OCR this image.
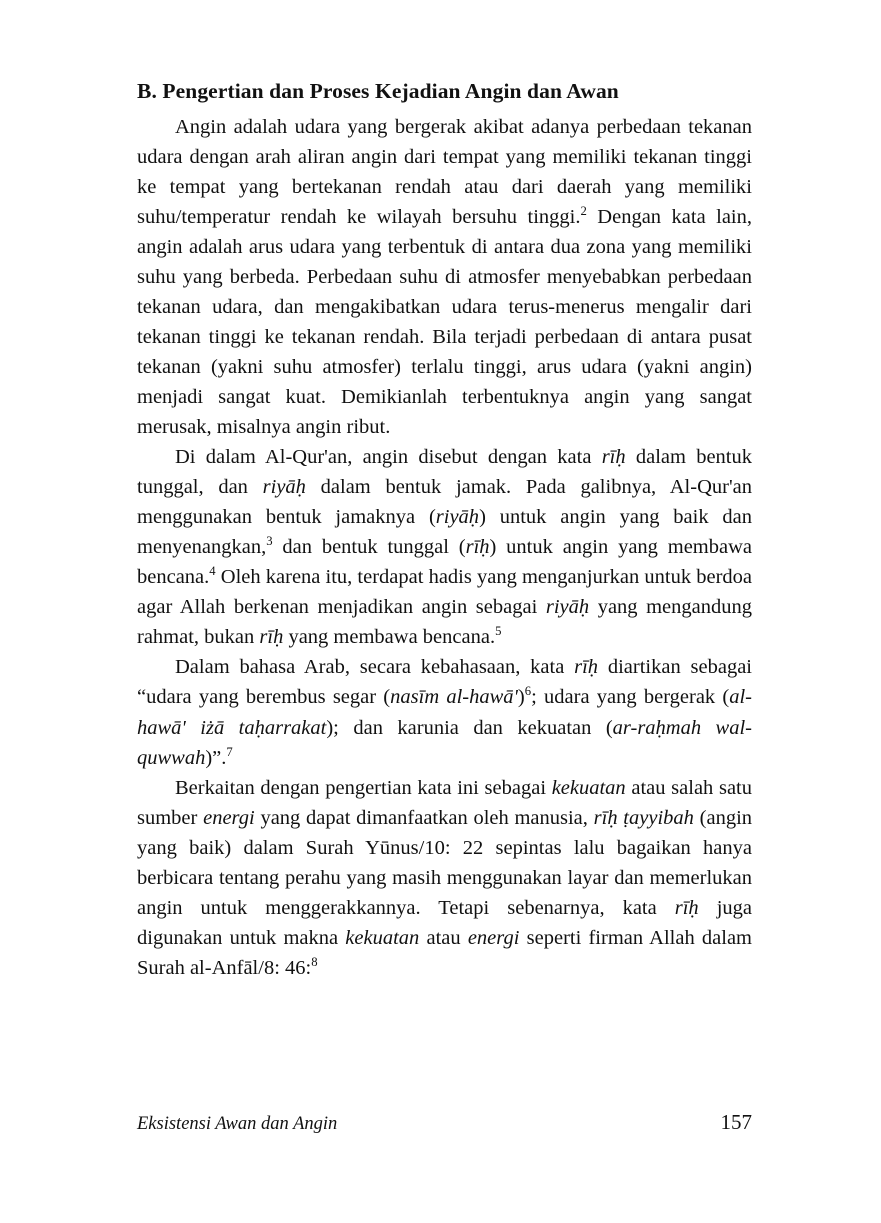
B. Pengertian dan Proses Kejadian Angin dan Awan

Angin adalah udara yang bergerak akibat adanya perbedaan tekanan udara dengan arah aliran angin dari tempat yang memiliki tekanan tinggi ke tempat yang bertekanan rendah atau dari daerah yang memiliki suhu/temperatur rendah ke wilayah bersuhu tinggi.$^2$ Dengan kata lain, angin adalah arus udara yang terbentuk di antara dua zona yang memiliki suhu yang berbeda. Perbedaan suhu di atmosfer menyebabkan perbedaan tekanan udara, dan mengakibatkan udara terus-menerus mengalir dari tekanan tinggi ke tekanan rendah. Bila terjadi perbedaan di antara pusat tekanan (yakni suhu atmosfer) terlalu tinggi, arus udara (yakni angin) menjadi sangat kuat. Demikianlah terbentuknya angin yang sangat merusak, misalnya angin ribut.

Di dalam Al-Qur'an, angin disebut dengan kata rīḥ dalam bentuk tunggal, dan riyāḥ dalam bentuk jamak. Pada galibnya, Al-Qur'an menggunakan bentuk jamaknya (riyāḥ) untuk angin yang baik dan menyenangkan,$^3$ dan bentuk tunggal (rīḥ) untuk angin yang membawa bencana.$^4$ Oleh karena itu, terdapat hadis yang menganjurkan untuk berdoa agar Allah berkenan menjadikan angin sebagai riyāḥ yang mengandung rahmat, bukan rīḥ yang membawa bencana.$^5$

Dalam bahasa Arab, secara kebahasaan, kata rīḥ diartikan sebagai “udara yang berembus segar (nasīm al-hawā')$^6$; udara yang bergerak (al-hawā' iżā taḥarrakat); dan karunia dan kekuatan (ar-raḥmah wal-quwwah)”.$^7$

Berkaitan dengan pengertian kata ini sebagai kekuatan atau salah satu sumber energi yang dapat dimanfaatkan oleh manusia, rīḥ ṭayyibah (angin yang baik) dalam Surah Yūnus/10: 22 sepintas lalu bagaikan hanya berbicara tentang perahu yang masih menggunakan layar dan memerlukan angin untuk menggerakkannya. Tetapi sebenarnya, kata rīḥ juga digunakan untuk makna kekuatan atau energi seperti firman Allah dalam Surah al-Anfāl/8: 46:$^8$

Eksistensi Awan dan Angin	157
